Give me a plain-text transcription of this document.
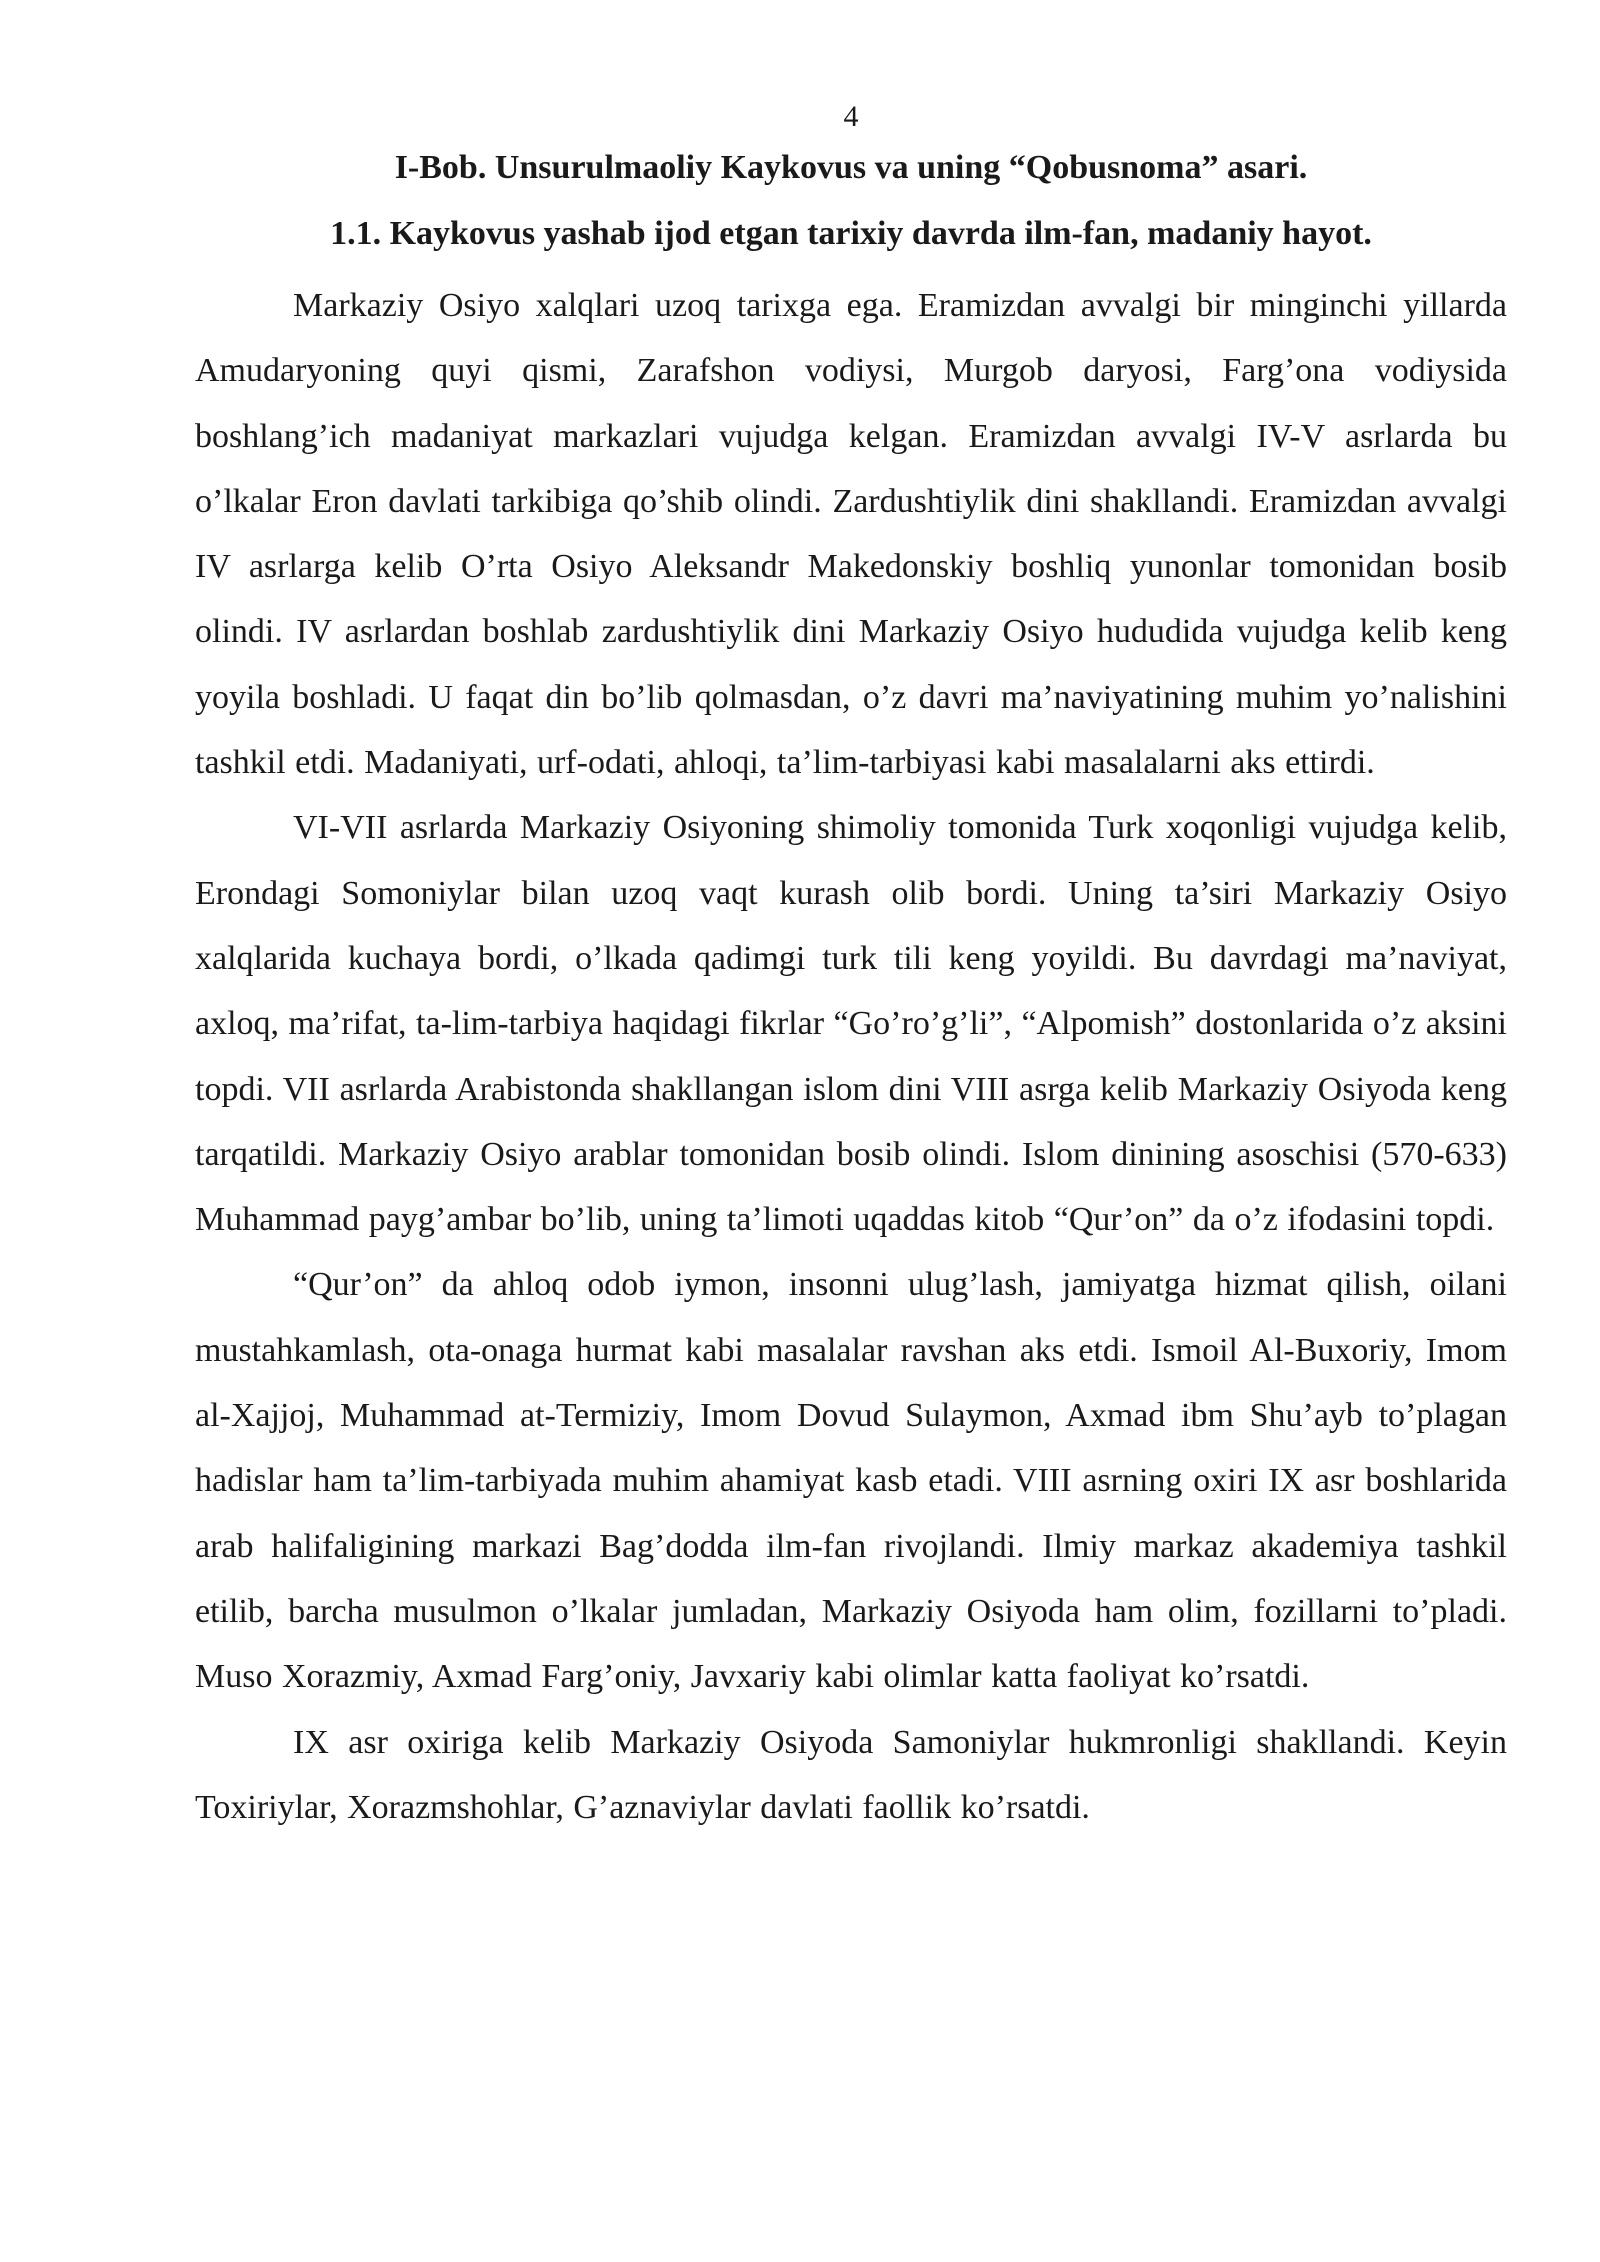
4
I-Bob. Unsurulmaoliy Kaykovus va uning “Qobusnoma” asari.
1.1. Kaykovus yashab ijod etgan tarixiy davrda ilm-fan, madaniy hayot.

Markaziy Osiyo xalqlari uzoq tarixga ega. Eramizdan avvalgi bir minginchi yillarda Amudaryoning quyi qismi, Zarafshon vodiysi, Murgob daryosi, Farg’ona vodiysida boshlang’ich madaniyat markazlari vujudga kelgan. Eramizdan avvalgi IV-V asrlarda bu o’lkalar Eron davlati tarkibiga qo’shib olindi. Zardushtiylik dini shakllandi. Eramizdan avvalgi IV asrlarga kelib O’rta Osiyo Aleksandr Makedonskiy boshliq yunonlar tomonidan bosib olindi. IV asrlardan boshlab zardushtiylik dini Markaziy Osiyo hududida vujudga kelib keng yoyila boshladi. U faqat din bo’lib qolmasdan, o’z davri ma’naviyatining muhim yo’nalishini tashkil etdi. Madaniyati, urf-odati, ahloqi, ta’lim-tarbiyasi kabi masalalarni aks ettirdi.

VI-VII asrlarda Markaziy Osiyoning shimoliy tomonida Turk xoqonligi vujudga kelib, Erondagi Somoniylar bilan uzoq vaqt kurash olib bordi. Uning ta’siri Markaziy Osiyo xalqlarida kuchaya bordi, o’lkada qadimgi turk tili keng yoyildi. Bu davrdagi ma’naviyat, axloq, ma’rifat, ta-lim-tarbiya haqidagi fikrlar “Go’ro’g’li”, “Alpomish” dostonlarida o’z aksini topdi. VII asrlarda Arabistonda shakllangan islom dini VIII asrga kelib Markaziy Osiyoda keng tarqatildi. Markaziy Osiyo arablar tomonidan bosib olindi. Islom dinining asoschisi (570-633) Muhammad payg’ambar bo’lib, uning ta’limoti uqaddas kitob “Qur’on” da o’z ifodasini topdi.

“Qur’on” da ahloq odob iymon, insonni ulug’lash, jamiyatga hizmat qilish, oilani mustahkamlash, ota-onaga hurmat kabi masalalar ravshan aks etdi. Ismoil Al-Buxoriy, Imom al-Xajjoj, Muhammad at-Termiziy, Imom Dovud Sulaymon, Axmad ibm Shu’ayb to’plagan hadislar ham ta’lim-tarbiyada muhim ahamiyat kasb etadi. VIII asrning oxiri IX asr boshlarida arab halifaligining markazi Bag’dodda ilm-fan rivojlandi. Ilmiy markaz akademiya tashkil etilib, barcha musulmon o’lkalar jumladan, Markaziy Osiyoda ham olim, fozillarni to’pladi. Muso Xorazmiy, Axmad Farg’oniy, Javxariy kabi olimlar katta faoliyat ko’rsatdi.

IX asr oxiriga kelib Markaziy Osiyoda Samoniylar hukmronligi shakllandi. Keyin Toxiriylar, Xorazmshohlar, G’aznaviylar davlati faollik ko’rsatdi.
